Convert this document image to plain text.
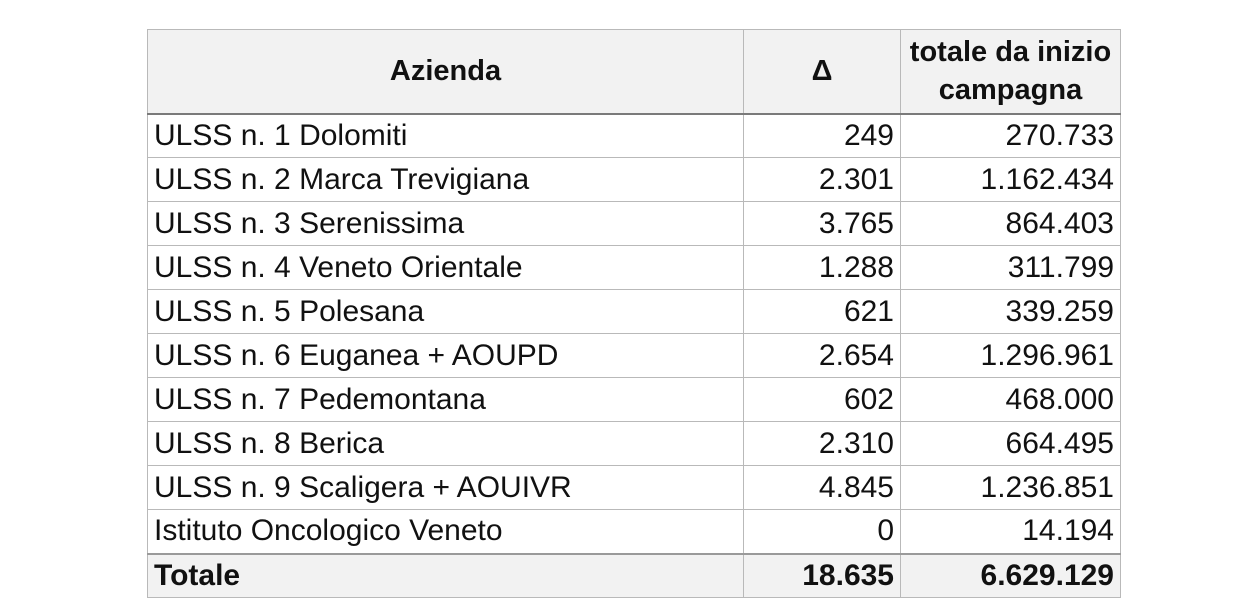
Azienda	Δ	totale da inizio campagna
ULSS n. 1 Dolomiti	249	270.733
ULSS n. 2 Marca Trevigiana	2.301	1.162.434
ULSS n. 3 Serenissima	3.765	864.403
ULSS n. 4 Veneto Orientale	1.288	311.799
ULSS n. 5 Polesana	621	339.259
ULSS n. 6 Euganea + AOUPD	2.654	1.296.961
ULSS n. 7 Pedemontana	602	468.000
ULSS n. 8 Berica	2.310	664.495
ULSS n. 9 Scaligera + AOUIVR	4.845	1.236.851
Istituto Oncologico Veneto	0	14.194
Totale	18.635	6.629.129
